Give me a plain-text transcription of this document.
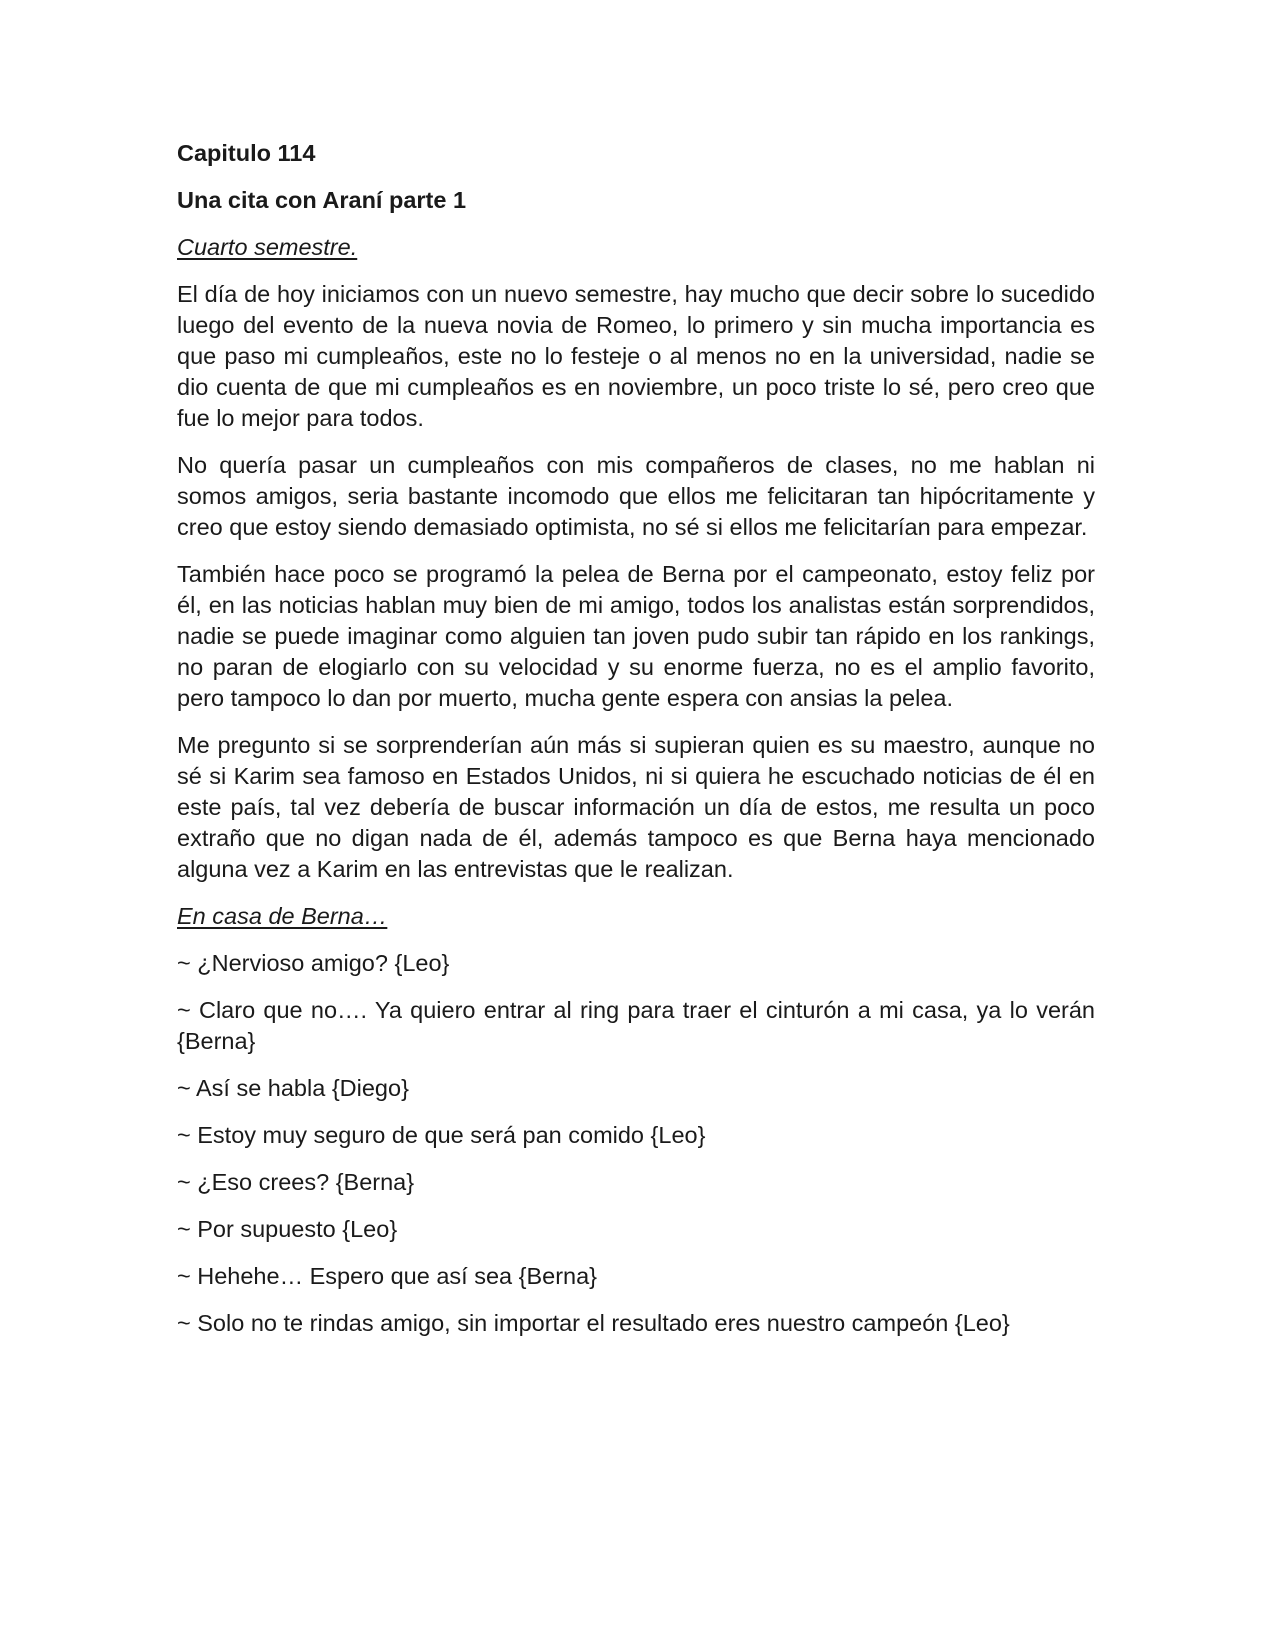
Capitulo 114

Una cita con Araní parte 1

Cuarto semestre.

El día de hoy iniciamos con un nuevo semestre, hay mucho que decir sobre lo sucedido luego del evento de la nueva novia de Romeo, lo primero y sin mucha importancia es que paso mi cumpleaños, este no lo festeje o al menos no en la universidad, nadie se dio cuenta de que mi cumpleaños es en noviembre, un poco triste lo sé, pero creo que fue lo mejor para todos.

No quería pasar un cumpleaños con mis compañeros de clases, no me hablan ni somos amigos, seria bastante incomodo que ellos me felicitaran tan hipócritamente y creo que estoy siendo demasiado optimista, no sé si ellos me felicitarían para empezar.

También hace poco se programó la pelea de Berna por el campeonato, estoy feliz por él, en las noticias hablan muy bien de mi amigo, todos los analistas están sorprendidos, nadie se puede imaginar como alguien tan joven pudo subir tan rápido en los rankings, no paran de elogiarlo con su velocidad y su enorme fuerza, no es el amplio favorito, pero tampoco lo dan por muerto, mucha gente espera con ansias la pelea.

Me pregunto si se sorprenderían aún más si supieran quien es su maestro, aunque no sé si Karim sea famoso en Estados Unidos, ni si quiera he escuchado noticias de él en este país, tal vez debería de buscar información un día de estos, me resulta un poco extraño que no digan nada de él, además tampoco es que Berna haya mencionado alguna vez a Karim en las entrevistas que le realizan.

En casa de Berna…

~ ¿Nervioso amigo? {Leo}

~ Claro que no…. Ya quiero entrar al ring para traer el cinturón a mi casa, ya lo verán {Berna}

~ Así se habla {Diego}

~ Estoy muy seguro de que será pan comido {Leo}

~ ¿Eso crees? {Berna}

~ Por supuesto {Leo}

~ Hehehe… Espero que así sea {Berna}

~ Solo no te rindas amigo, sin importar el resultado eres nuestro campeón {Leo}
